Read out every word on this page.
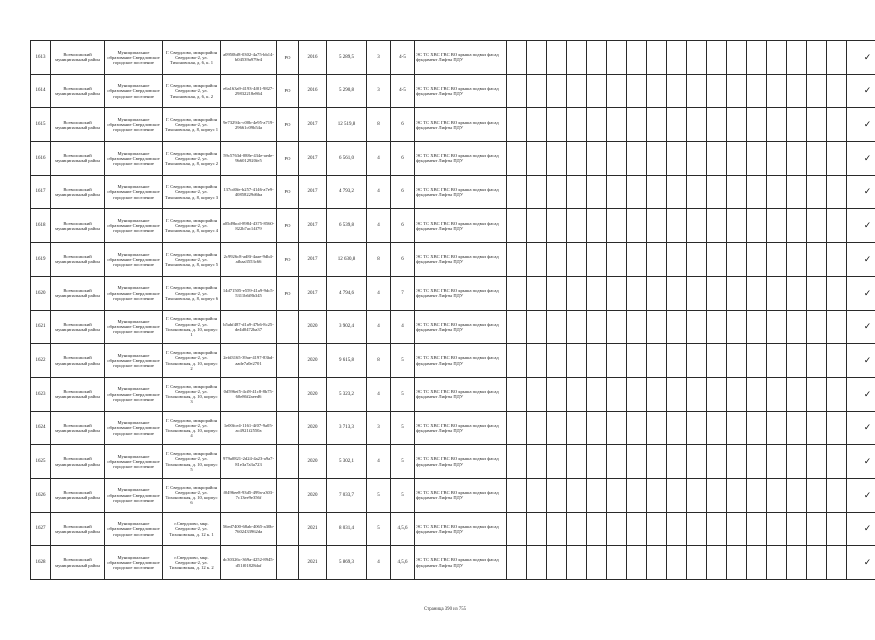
1613	Всеволожский муниципальный район	Муниципальное образование Свердловское городское поселение	Г. Свердлово, микрорайон Свердлово-2, ул. Тихоновская, д. 6, к. 1	a0950bf8-0302-4a75-bb14-b04539a979e4	РО	2016	5 289,5	3	4-5	ЭС ТС ХВС ГВС ВО крыша подвал фасад фундамент Лифты ПДУ																		✓
1614	Всеволожский муниципальный район	Муниципальное образование Свердловское городское поселение	Г. Свердлово, микрорайон Свердлово-2, ул. Тихоновская, д. 6, к. 2	e6a163a9-4193-4f01-9827-29832218e864	РО	2016	5 290,8	3	4-5	ЭС ТС ХВС ГВС ВО крыша подвал фасад фундамент Лифты ПДУ																		✓
1615	Всеволожский муниципальный район	Муниципальное образование Свердловское городское поселение	Г. Свердлово, микрорайон Свердлово-2, ул. Тихоновская, д. 8, корпус 1	9e73294c-c00b-4e95-a719-29661c09b54a	РО	2017	12 519,8	8	6	ЭС ТС ХВС ГВС ВО крыша подвал фасад фундамент Лифты ПДУ																		✓
1616	Всеволожский муниципальный район	Муниципальное образование Свердловское городское поселение	Г. Свердлово, микрорайон Свердлово-2, ул. Тихоновская, д. 8, корпус 2	59c5763d-088e-434e-aede-9b6012920fe5	РО	2017	6 561,0	4	6	ЭС ТС ХВС ГВС ВО крыша подвал фасад фундамент Лифты ПДУ																		✓
1617	Всеволожский муниципальный район	Муниципальное образование Свердловское городское поселение	Г. Свердлово, микрорайон Свердлово-2, ул. Тихоновская, д. 8, корпус 3	137cd0fe-b257-4146-a7e9-40858229d6ba	РО	2017	4 793,2	4	6	ЭС ТС ХВС ГВС ВО крыша подвал фасад фундамент Лифты ПДУ																		✓
1618	Всеволожский муниципальный район	Муниципальное образование Свердловское городское поселение	Г. Свердлово, микрорайон Свердлово-2, ул. Тихоновская, д. 8, корпус 4	a05d9bcd-8984-4375-8560-822b7ac14f79	РО	2017	6 539,8	4	6	ЭС ТС ХВС ГВС ВО крыша подвал фасад фундамент Лифты ПДУ																		✓
1619	Всеволожский муниципальный район	Муниципальное образование Свердловское городское поселение	Г. Свердлово, микрорайон Свердлово-2, ул. Тихоновская, д. 8, корпус 5	2c9926c8-ad8f-4aae-9db4-afbaa3553c66	РО	2017	12 630,8	8	6	ЭС ТС ХВС ГВС ВО крыша подвал фасад фундамент Лифты ПДУ																		✓
1620	Всеволожский муниципальный район	Муниципальное образование Свердловское городское поселение	Г. Свердлово, микрорайон Свердлово-2, ул. Тихоновская, д. 8, корпус 6	14d71505-e559-41a9-9dc5-5311b6f8b345	РО	2017	4 794,6	4	7	ЭС ТС ХВС ГВС ВО крыша подвал фасад фундамент Лифты ПДУ																		✓
1621	Всеволожский муниципальный район	Муниципальное образование Свердловское городское поселение	Г. Свердлово, микрорайон Свердлово-2, ул. Тихоновская, д. 10, корпус 1	b5abf487-d1a9-47b6-8c25-de4d0472ba37		2020	3 902,4	4	4	ЭС ТС ХВС ГВС ВО крыша подвал фасад фундамент Лифты ПДУ																		✓
1622	Всеволожский муниципальный район	Муниципальное образование Свердловское городское поселение	Г. Свердлово, микрорайон Свердлово-2, ул. Тихоновская, д. 10, корпус 2	2efd3165-39ae-4197-83bd-aade7a0e2701		2020	9 615,8	8	5	ЭС ТС ХВС ГВС ВО крыша подвал фасад фундамент Лифты ПДУ																		✓
1623	Всеволожский муниципальный район	Муниципальное образование Свердловское городское поселение	Г. Свердлово, микрорайон Свердлово-2, ул. Тихоновская, д. 10, корпус 3	0d596ef5-4cf8-41c8-8b75-60e86f2aeed6		2020	5 323,2	4	5	ЭС ТС ХВС ГВС ВО крыша подвал фасад фундамент Лифты ПДУ																		✓
1624	Всеволожский муниципальный район	Муниципальное образование Свердловское городское поселение	Г. Свердлово, микрорайон Свердлово-2, ул. Тихоновская, д. 10, корпус 4	1e00fce4-1161-4f07-9a05-ac4921f2550a		2020	3 713,3	3	5	ЭС ТС ХВС ГВС ВО крыша подвал фасад фундамент Лифты ПДУ																		✓
1625	Всеволожский муниципальный район	Муниципальное образование Свердловское городское поселение	Г. Свердлово, микрорайон Свердлово-2, ул. Тихоновская, д. 10, корпус 5	979a0821-2d24-4a23-a9a7-81e3a7a3a723		2020	5 302,1	4	5	ЭС ТС ХВС ГВС ВО крыша подвал фасад фундамент Лифты ПДУ																		✓
1626	Всеволожский муниципальный район	Муниципальное образование Свердловское городское поселение	Г. Свердлово, микрорайон Свердлово-2, ул. Тихоновская, д. 10, корпус 6	f0496ee8-93d5-499a-a303-7c13ee9e356f		2020	7 033,7	5	5	ЭС ТС ХВС ГВС ВО крыша подвал фасад фундамент Лифты ПДУ																		✓
1627	Всеволожский муниципальный район	Муниципальное образование Свердловское городское поселение	г.Свердлово, мкр. Свердлово-2, ул. Тихоновская, д. 12 к. 1	56ed7400-68ab-4065-a30b-7602433962da		2021	8 031,4	5	4,5,6	ЭС ТС ХВС ГВС ВО крыша подвал фасад фундамент Лифты ПДУ																		✓
1628	Всеволожский муниципальный район	Муниципальное образование Свердловское городское поселение	г.Свердлово, мкр. Свердлово-2, ул. Тихоновская, д. 12 к. 2	dc30326c-369a-4252-8945-d51f01828daf		2021	5 869,3	4	4,5,6	ЭС ТС ХВС ГВС ВО крыша подвал фасад фундамент Лифты ПДУ																		✓
Страница 390 из 755
